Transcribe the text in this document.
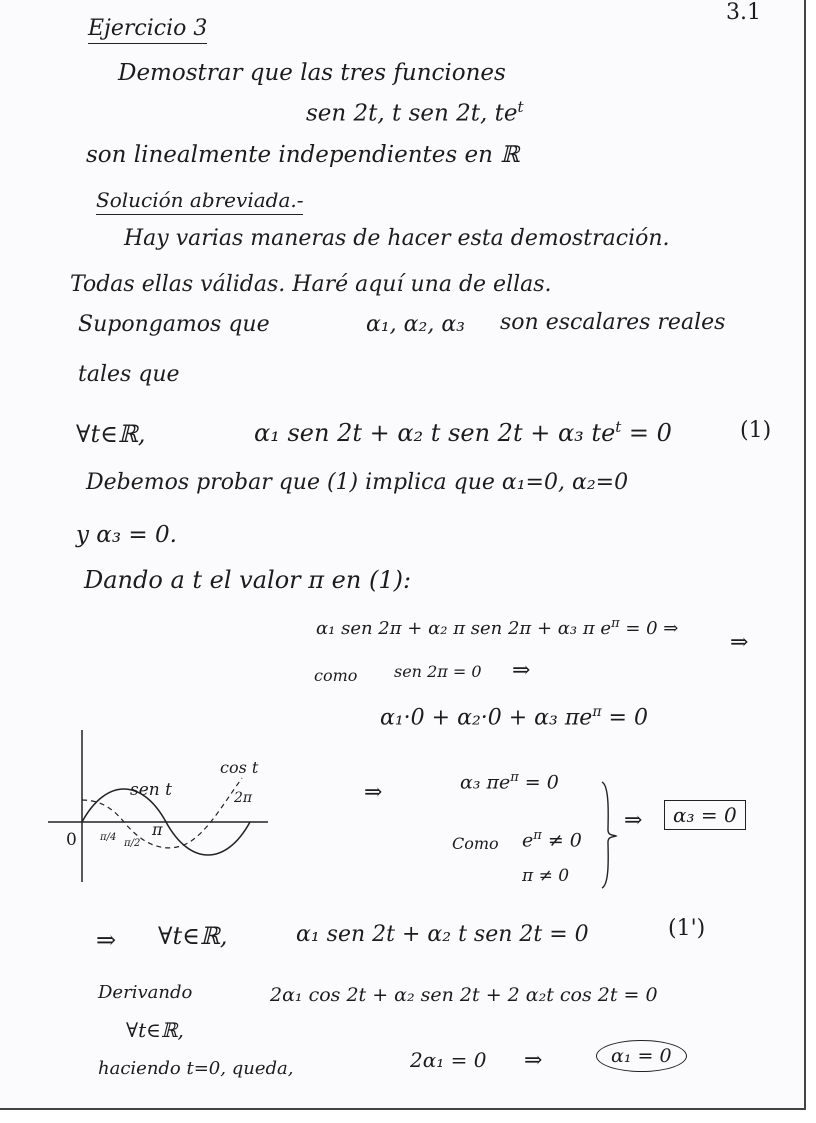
3.1
Ejercicio 3
Demostrar que las tres funciones
sen 2t, t sen 2t, $te^t$
son linealmente independientes en ℝ
Solución abreviada.-
Hay varias maneras de hacer esta demostración.
Todas ellas válidas. Haré aquí una de ellas.
Supongamos que	α₁, α₂, α₃ son escalares reales
tales que
∀t∈ℝ,	α₁ sen 2t + α₂ t sen 2t + α₃ $te^t = 0$	(1)
Debemos probar que (1) implica que α₁=0, α₂=0
y α₃ = 0.
Dando a t el valor π en (1):
α₁ sen 2π + α₂ π sen 2π + α₃ π $e^\pi = 0$ ⇒
⇒
como sen 2π = 0 ⇒
α₁·0 + α₂·0 + α₃ $\pi e^\pi = 0$
sen t
cos t
2π
0 π/4
π/2
π
⇒	α₃ $\pi e^\pi = 0$
Como $e^\pi \ne 0$
π ≠ 0
⇒	α₃ = 0
⇒ ∀t∈ℝ,	α₁ sen 2t + α₂ t sen 2t = 0	(1')
Derivando
∀t∈ℝ,
2α₁ cos 2t + α₂ sen 2t + 2 α₂t cos 2t = 0
haciendo t=0, queda,	2α₁ = 0 ⇒	α₁ = 0
